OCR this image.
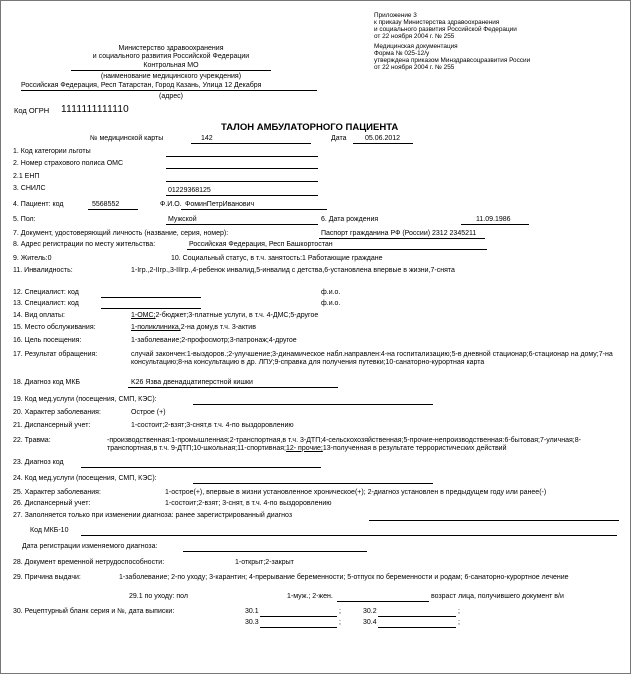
Приложение 3
к приказу Министерства здравоохранения
и социального развития Российской Федерации
от 22 ноября 2004 г. № 255
Медицинская документация
Форма № 025-12/у
утверждена приказом Минздравсоцразвития России
от 22 ноября 2004 г. № 255
Министерство здравоохранения
и социального развития Российской Федерации
Контрольная МО
(наименование медицинского учреждения)
Российская Федерация, Респ Татарстан, Город Казань, Улица 12 Декабря
(адрес)
Код ОГРН 1111111111110
ТАЛОН АМБУЛАТОРНОГО ПАЦИЕНТА
№ медицинской карты	142	Дата	05.06.2012
1. Код категории льготы
2. Номер страхового полиса ОМС
2.1 ЕНП
3. СНИЛС	01229368125
4. Пациент: код	5568552	Ф.И.О. ФоминПетрИванович
5. Пол:	Мужской	6. Дата рождения	11.09.1986
7. Документ, удостоверяющий личность (название, серия, номер):	Паспорт гражданина РФ (России) 2312 2345211
8. Адрес регистрации по месту жительства:	Российская Федерация, Респ Башкортостан
9. Житель:0	10. Социальный статус, в т.ч. занятость:1 Работающие граждане
11. Инвалидность:	1-Iгр.,2-IIгр.,3-IIIгр.,4-ребенок инвалид,5-инвалид с детства,6-установлена впервые в жизни,7-снята
12. Специалист: код	ф.и.о.
13. Специалист: код	ф.и.о.
14. Вид оплаты:	1-ОМС;2-бюджет;3-платные услуги, в т.ч. 4-ДМС;5-другое
15. Место обслуживания:	1-поликлиника,2-на дому,в т.ч. 3-актив
16. Цель посещения:	1-заболевание;2-профосмотр;3-патронаж;4-другое
17. Результат обращения:	случай закончен:1-выздоров.;2-улучшение;3-динамическое набл.направлен:4-на госпитализацию;5-в дневной стационар;6-стационар на дому;7-на консультацию;8-на консультацию в др. ЛПУ;9-справка для получения путевки;10-санаторно-курортная карта
18. Диагноз код МКБ	K26 Язва двенадцатиперстной кишки
19. Код мед.услуги (посещения, СМП, КЭС):
20. Характер заболевания:	Острое (+)
21. Диспансерный учет:	1-состоит;2-взят;3-снят,в т.ч. 4-по выздоровлению
22. Травма:	-производственная:1-промышленная;2-транспортная,в т.ч. 3-ДТП;4-сельскохозяйственная;5-прочие-непроизводственная:6-бытовая;7-уличная;8-транспортная,в т.ч. 9-ДТП;10-школьная;11-спортивная;12- прочие;13-полученная в результате террористических действий
23. Диагноз код
24. Код мед.услуги (посещения, СМП, КЭС):
25. Характер заболевания:	1-острое(+), впервые в жизни установленное хроническое(+); 2-диагноз установлен в предыдущем году или ранее(-)
26. Диспансерный учет:	1-состоит;2-взят; 3-снят, в т.ч. 4-по выздоровлению
27. Заполняется только при изменении диагноза: ранее зарегистрированный диагноз
Код МКБ-10
Дата регистрации изменяемого диагноза:
28. Документ временной нетрудоспособности:	1-открыт;2-закрыт
29. Причина выдачи:	1-заболевание; 2-по уходу; 3-карантин; 4-прерывание беременности; 5-отпуск по беременности и родам; 6-санаторно-курортное лечение
29.1 по уходу: пол	1-муж.; 2-жен.	возраст лица, получившего документ в/и
30. Рецептурный бланк серия и №, дата выписки:	30.1	;	30.2	;
30.3	;	30.4	;
